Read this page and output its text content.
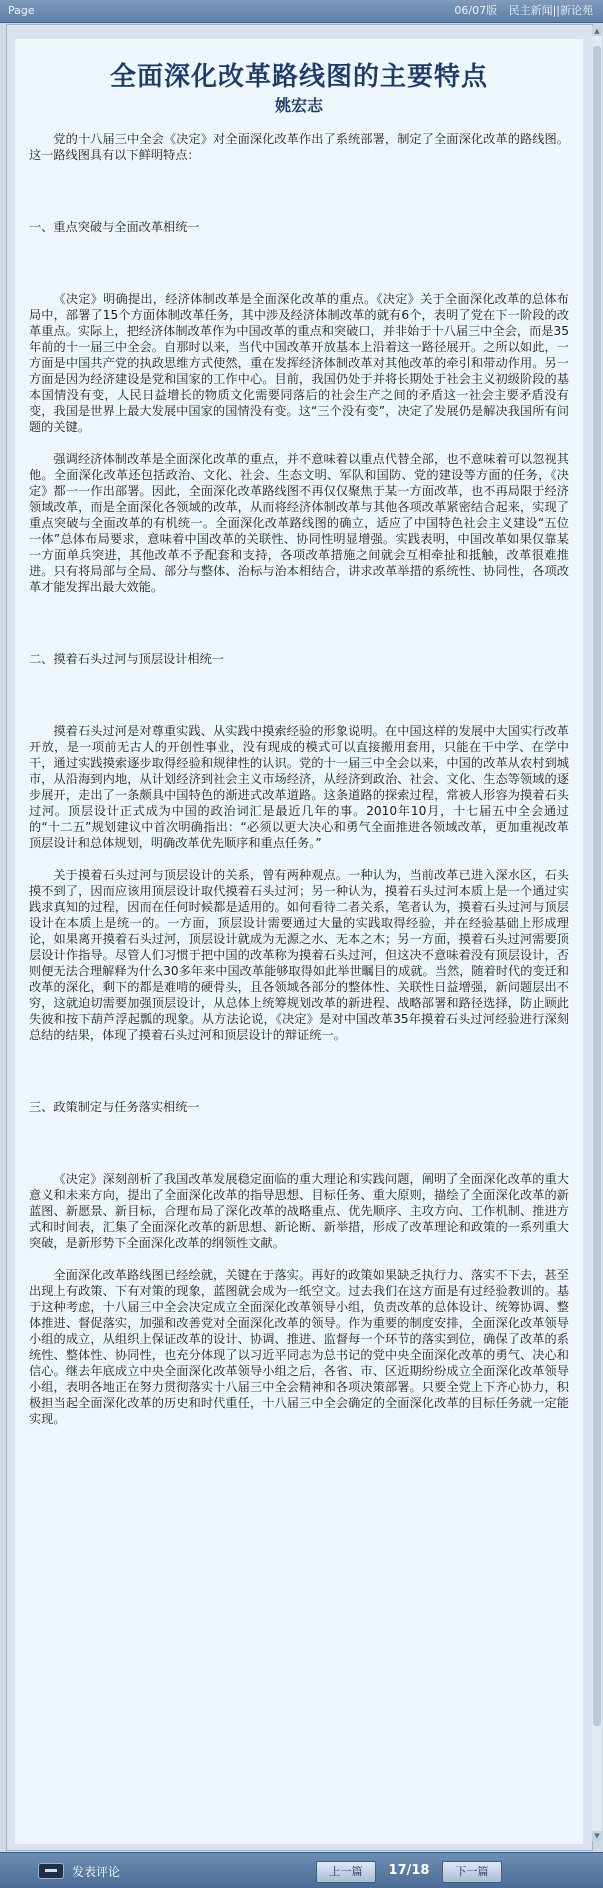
Page	06/07版 民主新闻||新论苑
全面深化改革路线图的主要特点
姚宏志

党的十八届三中全会《决定》对全面深化改革作出了系统部署，制定了全面深化改革的路线图。这一路线图具有以下鲜明特点：

一、重点突破与全面改革相统一

《决定》明确提出，经济体制改革是全面深化改革的重点。《决定》关于全面深化改革的总体布局中，部署了15个方面体制改革任务，其中涉及经济体制改革的就有6个，表明了党在下一阶段的改革重点。实际上，把经济体制改革作为中国改革的重点和突破口，并非始于十八届三中全会，而是35年前的十一届三中全会。自那时以来，当代中国改革开放基本上沿着这一路径展开。之所以如此，一方面是中国共产党的执政思维方式使然，重在发挥经济体制改革对其他改革的牵引和带动作用。另一方面是因为经济建设是党和国家的工作中心。目前，我国仍处于并将长期处于社会主义初级阶段的基本国情没有变，人民日益增长的物质文化需要同落后的社会生产之间的矛盾这一社会主要矛盾没有变，我国是世界上最大发展中国家的国情没有变。这“三个没有变”，决定了发展仍是解决我国所有问题的关键。

强调经济体制改革是全面深化改革的重点，并不意味着以重点代替全部，也不意味着可以忽视其他。全面深化改革还包括政治、文化、社会、生态文明、军队和国防、党的建设等方面的任务，《决定》都一一作出部署。因此，全面深化改革路线图不再仅仅聚焦于某一方面改革，也不再局限于经济领域改革，而是全面深化各领域的改革，从而将经济体制改革与其他各项改革紧密结合起来，实现了重点突破与全面改革的有机统一。全面深化改革路线图的确立，适应了中国特色社会主义建设“五位一体”总体布局要求，意味着中国改革的关联性、协同性明显增强。实践表明，中国改革如果仅靠某一方面单兵突进，其他改革不予配套和支持，各项改革措施之间就会互相牵扯和抵触，改革很难推进。只有将局部与全局、部分与整体、治标与治本相结合，讲求改革举措的系统性、协同性，各项改革才能发挥出最大效能。

二、摸着石头过河与顶层设计相统一

摸着石头过河是对尊重实践、从实践中摸索经验的形象说明。在中国这样的发展中大国实行改革开放，是一项前无古人的开创性事业，没有现成的模式可以直接搬用套用，只能在干中学、在学中干，通过实践摸索逐步取得经验和规律性的认识。党的十一届三中全会以来，中国的改革从农村到城市，从沿海到内地，从计划经济到社会主义市场经济，从经济到政治、社会、文化、生态等领域的逐步展开，走出了一条颇具中国特色的渐进式改革道路。这条道路的探索过程，常被人形容为摸着石头过河。顶层设计正式成为中国的政治词汇是最近几年的事。2010年10月，十七届五中全会通过的“十二五”规划建议中首次明确指出：“必须以更大决心和勇气全面推进各领域改革，更加重视改革顶层设计和总体规划，明确改革优先顺序和重点任务。”

关于摸着石头过河与顶层设计的关系，曾有两种观点。一种认为，当前改革已进入深水区，石头摸不到了，因而应该用顶层设计取代摸着石头过河；另一种认为，摸着石头过河本质上是一个通过实践求真知的过程，因而在任何时候都是适用的。如何看待二者关系，笔者认为，摸着石头过河与顶层设计在本质上是统一的。一方面，顶层设计需要通过大量的实践取得经验，并在经验基础上形成理论，如果离开摸着石头过河，顶层设计就成为无源之水、无本之木；另一方面，摸着石头过河需要顶层设计作指导。尽管人们习惯于把中国的改革称为摸着石头过河，但这决不意味着没有顶层设计，否则便无法合理解释为什么30多年来中国改革能够取得如此举世瞩目的成就。当然，随着时代的变迁和改革的深化，剩下的都是难啃的硬骨头，且各领域各部分的整体性、关联性日益增强，新问题层出不穷，这就迫切需要加强顶层设计，从总体上统筹规划改革的新进程、战略部署和路径选择，防止顾此失彼和按下葫芦浮起瓢的现象。从方法论说，《决定》是对中国改革35年摸着石头过河经验进行深刻总结的结果，体现了摸着石头过河和顶层设计的辩证统一。

三、政策制定与任务落实相统一

《决定》深刻剖析了我国改革发展稳定面临的重大理论和实践问题，阐明了全面深化改革的重大意义和未来方向，提出了全面深化改革的指导思想、目标任务、重大原则，描绘了全面深化改革的新蓝图、新愿景、新目标，合理布局了深化改革的战略重点、优先顺序、主攻方向、工作机制、推进方式和时间表，汇集了全面深化改革的新思想、新论断、新举措，形成了改革理论和政策的一系列重大突破，是新形势下全面深化改革的纲领性文献。

全面深化改革路线图已经绘就，关键在于落实。再好的政策如果缺乏执行力、落实不下去，甚至出现上有政策、下有对策的现象，蓝图就会成为一纸空文。过去我们在这方面是有过经验教训的。基于这种考虑，十八届三中全会决定成立全面深化改革领导小组，负责改革的总体设计、统筹协调、整体推进、督促落实，加强和改善党对全面深化改革的领导。作为重要的制度安排，全面深化改革领导小组的成立，从组织上保证改革的设计、协调、推进、监督每一个环节的落实到位，确保了改革的系统性、整体性、协同性，也充分体现了以习近平同志为总书记的党中央全面深化改革的勇气、决心和信心。继去年底成立中央全面深化改革领导小组之后，各省、市、区近期纷纷成立全面深化改革领导小组，表明各地正在努力贯彻落实十八届三中全会精神和各项决策部署。只要全党上下齐心协力，积极担当起全面深化改革的历史和时代重任，十八届三中全会确定的全面深化改革的目标任务就一定能实现。

▲
▼
发表评论	上一篇	17/18	下一篇
